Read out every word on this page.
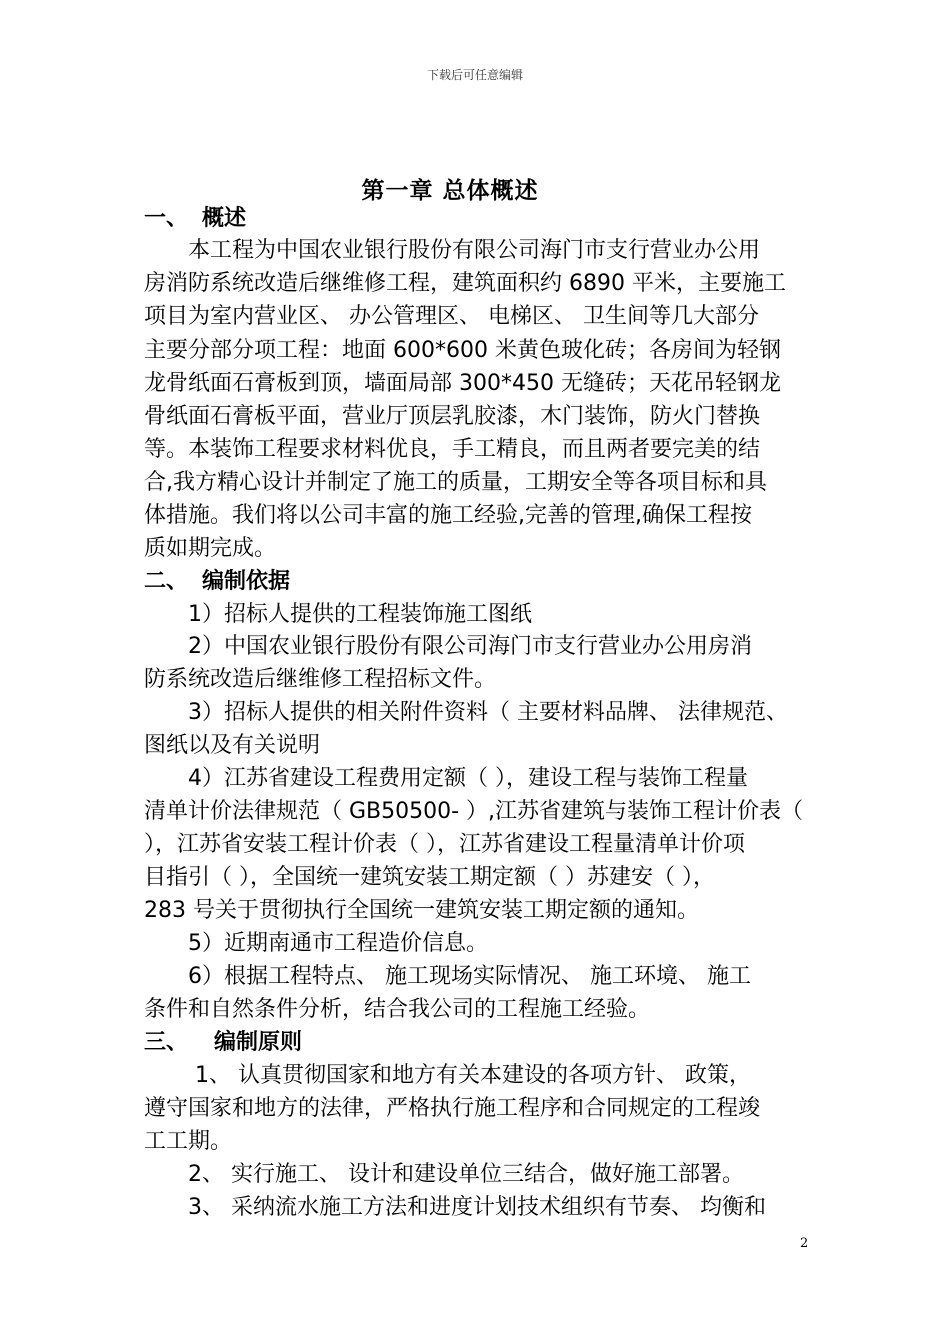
下载后可任意编辑
第一章 总体概述
一、 概述
　　本工程为中国农业银行股份有限公司海门市支行营业办公用
房消防系统改造后继维修工程，建筑面积约 6890 平米，主要施工
项目为室内营业区、 办公管理区、 电梯区、 卫生间等几大部分
主要分部分项工程：地面 600*600 米黄色玻化砖；各房间为轻钢
龙骨纸面石膏板到顶，墙面局部 300*450 无缝砖；天花吊轻钢龙
骨纸面石膏板平面，营业厅顶层乳胶漆，木门装饰，防火门替换
等。本装饰工程要求材料优良，手工精良，而且两者要完美的结
合,我方精心设计并制定了施工的质量，工期安全等各项目标和具
体措施。我们将以公司丰富的施工经验,完善的管理,确保工程按
质如期完成。
二、 编制依据
　　1）招标人提供的工程装饰施工图纸
　　2）中国农业银行股份有限公司海门市支行营业办公用房消
防系统改造后继维修工程招标文件。
　　3）招标人提供的相关附件资料（ 主要材料品牌、 法律规范、
图纸以及有关说明
　　4）江苏省建设工程费用定额（ ），建设工程与装饰工程量
清单计价法律规范（ GB50500- ）,江苏省建筑与装饰工程计价表（
），江苏省安装工程计价表（ ），江苏省建设工程量清单计价项
目指引（ ），全国统一建筑安装工期定额（ ）苏建安（ ），
283 号关于贯彻执行全国统一建筑安装工期定额的通知。
　　5）近期南通市工程造价信息。
　　6）根据工程特点、 施工现场实际情况、 施工环境、 施工
条件和自然条件分析，结合我公司的工程施工经验。
三、 编制原则
　　 1、 认真贯彻国家和地方有关本建设的各项方针、 政策，
遵守国家和地方的法律，严格执行施工程序和合同规定的工程竣
工工期。
　　2、 实行施工、 设计和建设单位三结合，做好施工部署。
　　3、 采纳流水施工方法和进度计划技术组织有节奏、 均衡和
2
